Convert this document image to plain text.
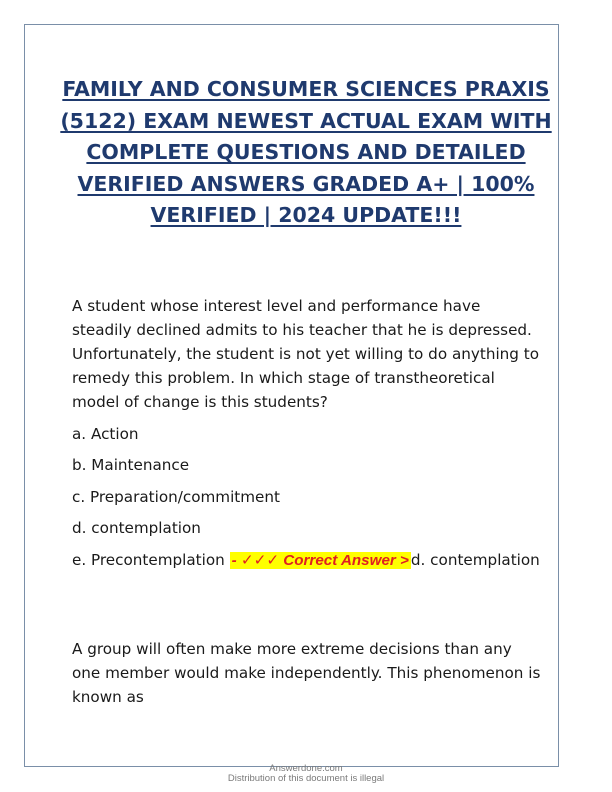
FAMILY AND CONSUMER SCIENCES PRAXIS (5122) EXAM NEWEST ACTUAL EXAM WITH COMPLETE QUESTIONS AND DETAILED VERIFIED ANSWERS GRADED A+ | 100% VERIFIED | 2024 UPDATE!!!

A student whose interest level and performance have steadily declined admits to his teacher that he is depressed. Unfortunately, the student is not yet willing to do anything to remedy this problem. In which stage of transtheoretical model of change is this students?

a. Action
b. Maintenance
c. Preparation/commitment
d. contemplation
e. Precontemplation - ✓✓✓ Correct Answer > d. contemplation

A group will often make more extreme decisions than any one member would make independently. This phenomenon is known as

Answerdone.com
Distribution of this document is illegal
